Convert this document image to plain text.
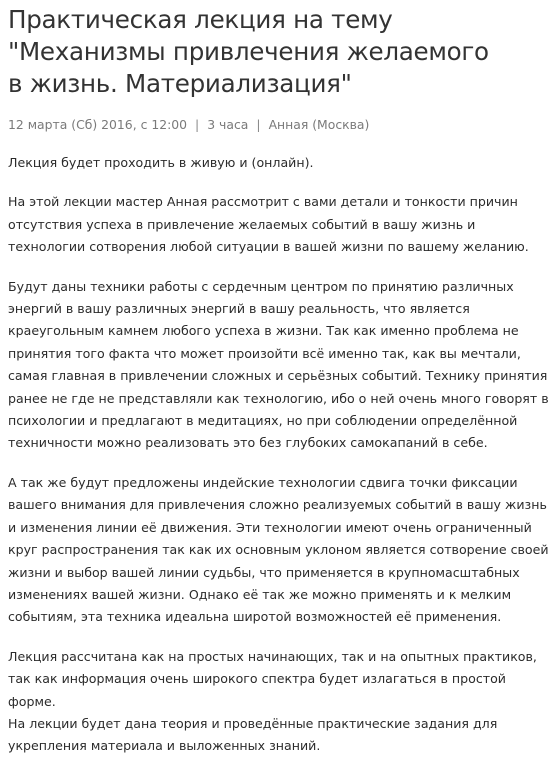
Практическая лекция на тему
"Механизмы привлечения желаемого
в жизнь. Материализация"
12 марта (Сб) 2016, с 12:00 | 3 часа | Анная (Москва)

Лекция будет проходить в живую и (онлайн).

На этой лекции мастер Анная рассмотрит с вами детали и тонкости причин отсутствия успеха в привлечение желаемых событий в вашу жизнь и технологии сотворения любой ситуации в вашей жизни по вашему желанию.

Будут даны техники работы с сердечным центром по принятию различных энергий в вашу различных энергий в вашу реальность, что является краеугольным камнем любого успеха в жизни. Так как именно проблема не принятия того факта что может произойти всё именно так, как вы мечтали, самая главная в привлечении сложных и серьёзных событий. Технику принятия ранее не где не представляли как технологию, ибо о ней очень много говорят в психологии и предлагают в медитациях, но при соблюдении определённой техничности можно реализовать это без глубоких самокапаний в себе.

А так же будут предложены индейские технологии сдвига точки фиксации вашего внимания для привлечения сложно реализуемых событий в вашу жизнь и изменения линии её движения. Эти технологии имеют очень ограниченный круг распространения так как их основным уклоном является сотворение своей жизни и выбор вашей линии судьбы, что применяется в крупномасштабных изменениях вашей жизни. Однако её так же можно применять и к мелким событиям, эта техника идеальна широтой возможностей её применения.

Лекция рассчитана как на простых начинающих, так и на опытных практиков, так как информация очень широкого спектра будет излагаться в простой форме.

На лекции будет дана теория и проведённые практические задания для укрепления материала и выложенных знаний.
